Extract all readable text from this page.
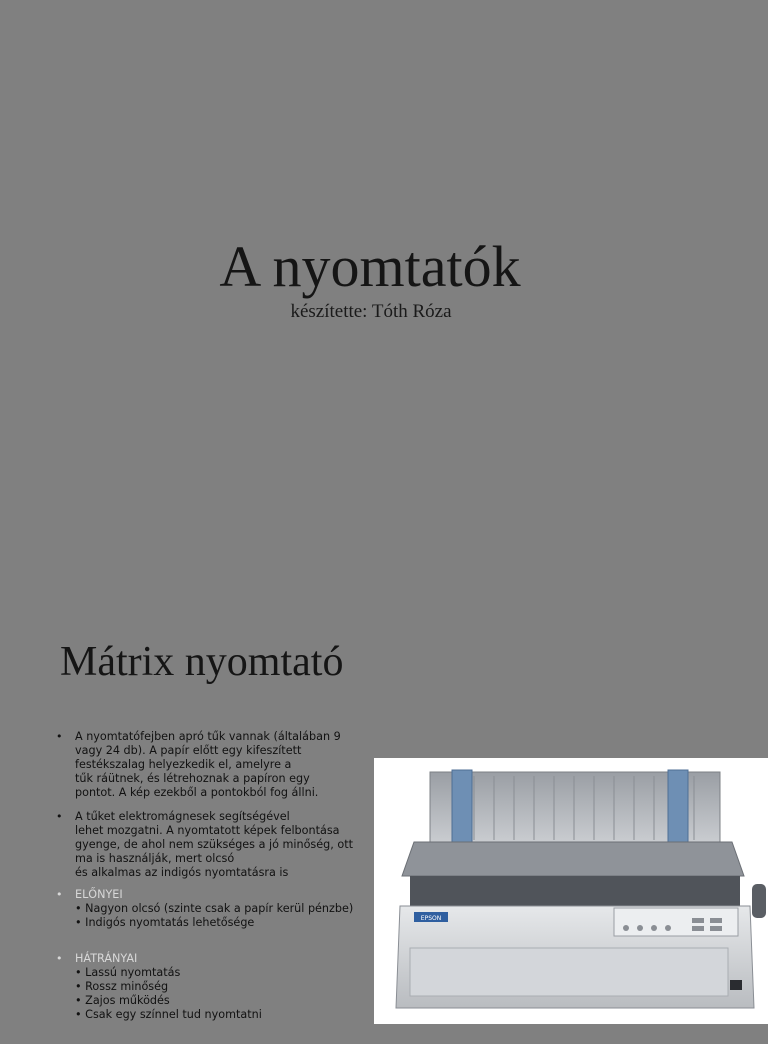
A nyomtatók
készítette: Tóth Róza
Mátrix nyomtató
• A nyomtatófejben apró tűk vannak (általában 9
vagy 24 db). A papír előtt egy kifeszített
festékszalag helyezkedik el, amelyre a
tűk ráütnek, és létrehoznak a papíron egy
pontot. A kép ezekből a pontokból fog állni.
• A tűket elektromágnesek segítségével
lehet mozgatni. A nyomtatott képek felbontása
gyenge, de ahol nem szükséges a jó minőség, ott
ma is használják, mert olcsó
és alkalmas az indigós nyomtatásra is
• ELŐNYEI
• Nagyon olcsó (szinte csak a papír kerül pénzbe)
• Indigós nyomtatás lehetősége
• HÁTRÁNYAI
• Lassú nyomtatás
• Rossz minőség
• Zajos működés
• Csak egy színnel tud nyomtatni
EPSON
